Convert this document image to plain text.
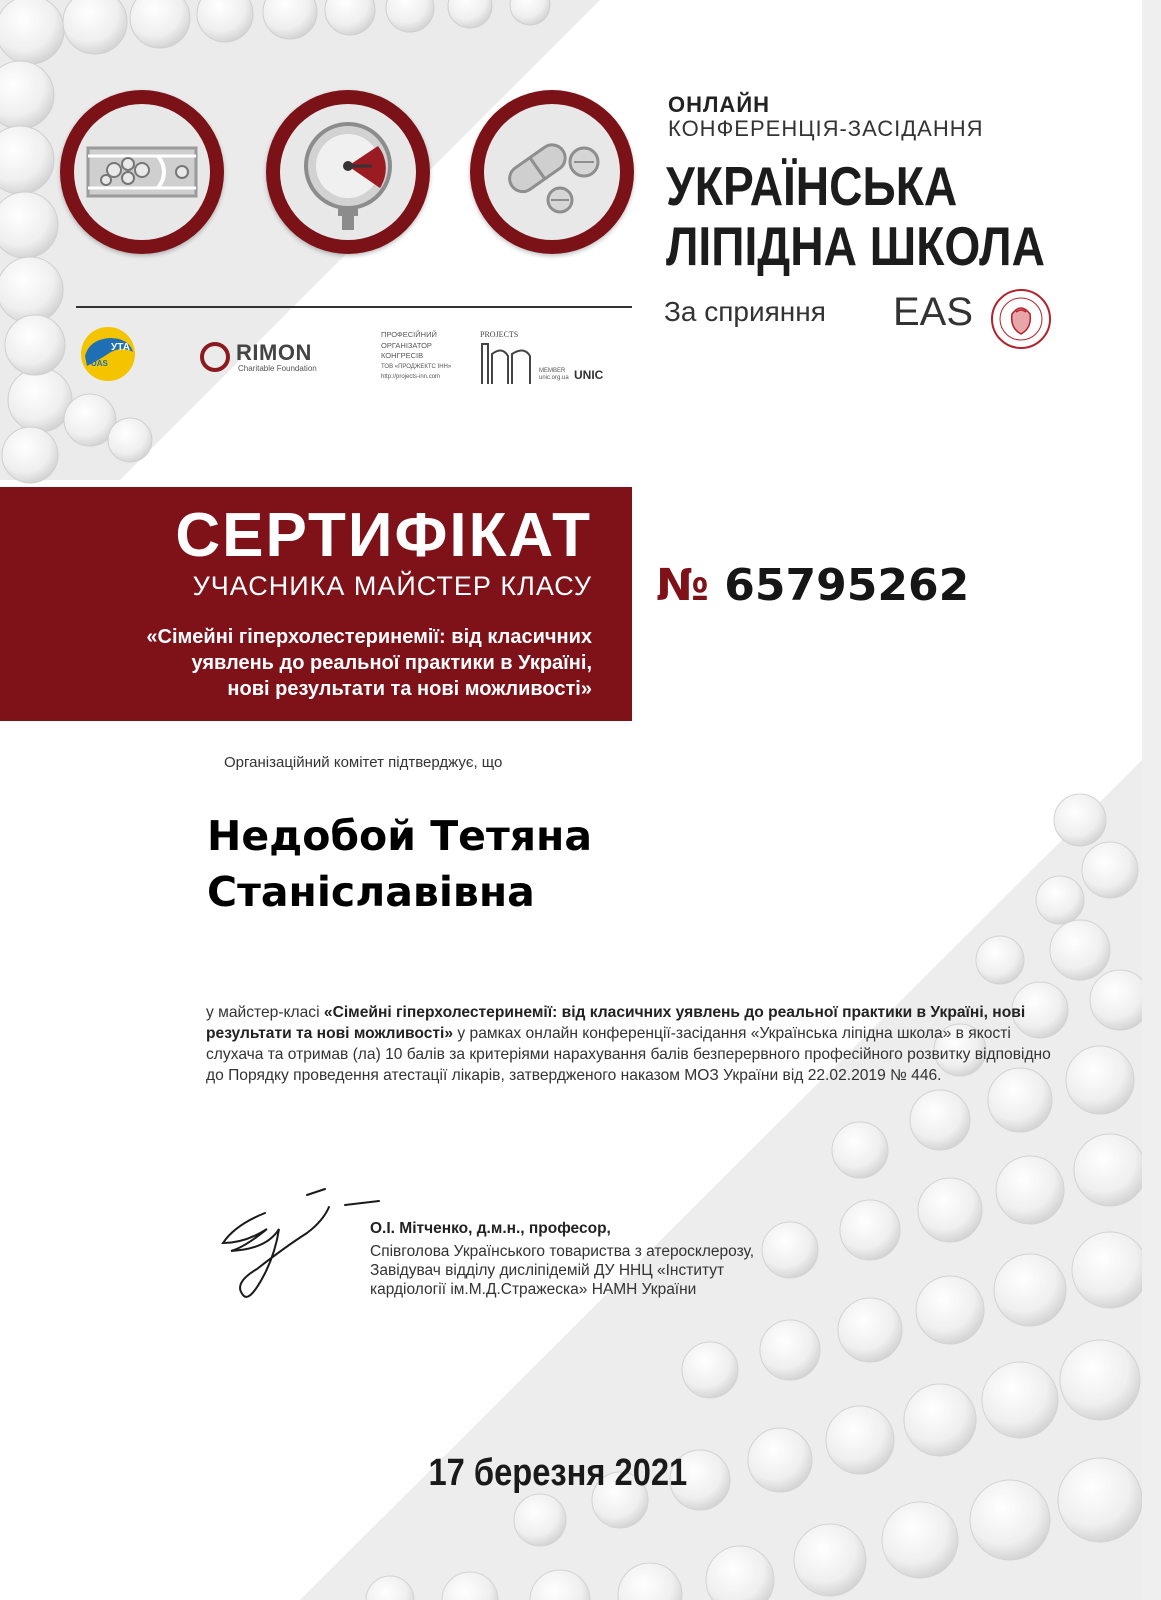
ОНЛАЙН
КОНФЕРЕНЦІЯ-ЗАСІДАННЯ
УКРАЇНСЬКА
ЛІПІДНА ШКОЛА
За сприяння EAS
УТА
UAS	RIMON
Charitable Foundation
ПРОФЕСІЙНИЙ
ОРГАНІЗАТОР
КОНГРЕСІВ
ТОВ «ПРОДЖЕКТС ІНН»
http://projects-inn.com
PROJECTS
MEMBER
unic.org.ua UNIC
СЕРТИФІКАТ
УЧАСНИКА МАЙСТЕР КЛАСУ
«Сімейні гіперхолестеринемії: від класичних
уявлень до реальної практики в Україні,
нові результати та нові можливості»
№ 65795262
Організаційний комітет підтверджує, що
Недобой Тетяна
Станіславівна
у майстер-класі «Сімейні гіперхолестеринемії: від класичних уявлень до реальної практики в Україні, нові результати та нові можливості» у рамках онлайн конференції-засідання «Українська ліпідна школа» в якості слухача та отримав (ла) 10 балів за критеріями нарахування балів безперервного професійного розвитку відповідно до Порядку проведення атестації лікарів, затвердженого наказом МОЗ України від 22.02.2019 № 446.
О.І. Мітченко, д.м.н., професор,
Співголова Українського товариства з атеросклерозу,
Завідувач відділу дисліпідемій ДУ ННЦ «Інститут
кардіології ім.М.Д.Стражеска» НАМН України
17 березня 2021
